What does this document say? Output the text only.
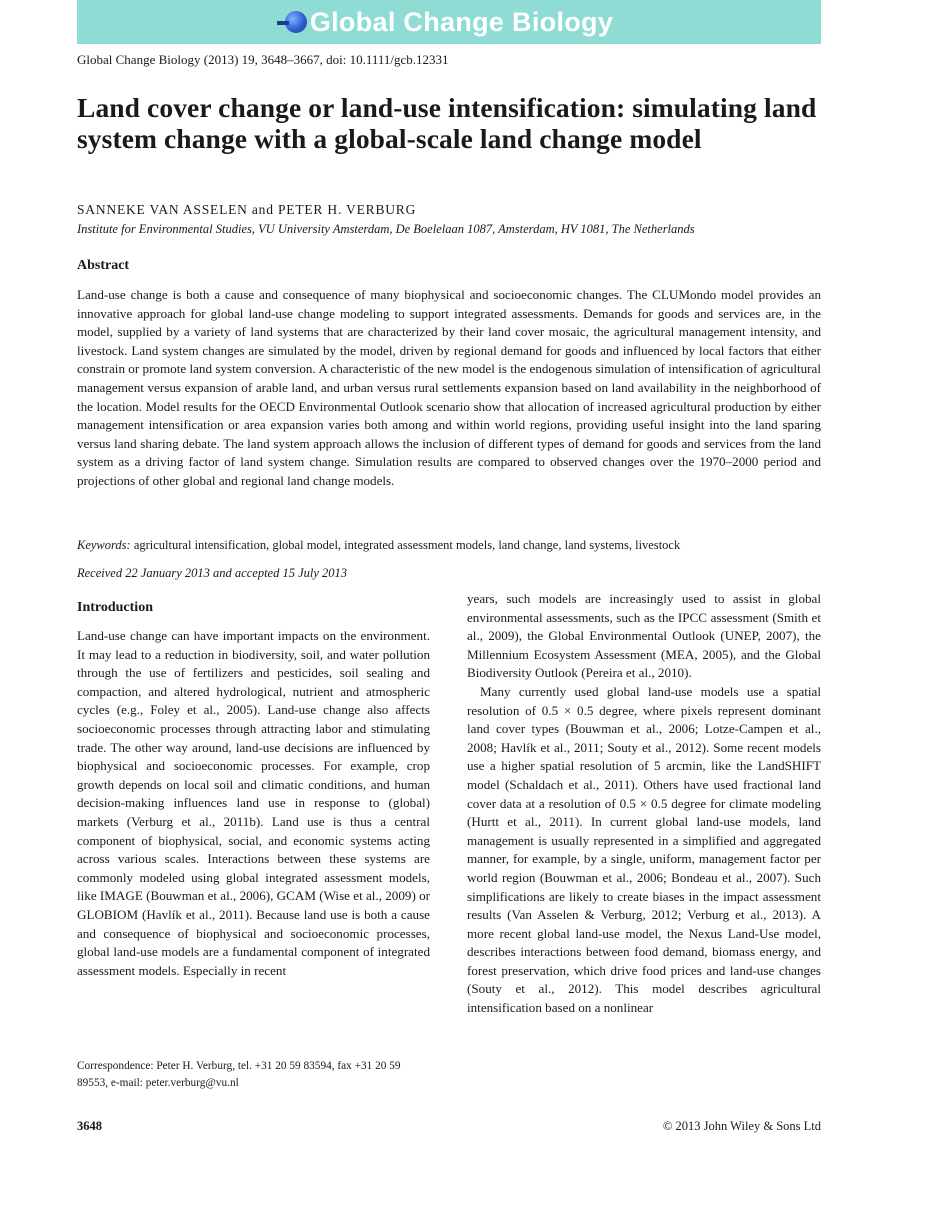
Global Change Biology
Global Change Biology (2013) 19, 3648–3667, doi: 10.1111/gcb.12331
Land cover change or land-use intensification: simulating land system change with a global-scale land change model
SANNEKE VAN ASSELEN and PETER H. VERBURG
Institute for Environmental Studies, VU University Amsterdam, De Boelelaan 1087, Amsterdam, HV 1081, The Netherlands
Abstract

Land-use change is both a cause and consequence of many biophysical and socioeconomic changes. The CLUMondo model provides an innovative approach for global land-use change modeling to support integrated assessments. Demands for goods and services are, in the model, supplied by a variety of land systems that are characterized by their land cover mosaic, the agricultural management intensity, and livestock. Land system changes are simulated by the model, driven by regional demand for goods and influenced by local factors that either constrain or promote land system conversion. A characteristic of the new model is the endogenous simulation of intensification of agricultural management versus expansion of arable land, and urban versus rural settlements expansion based on land availability in the neighborhood of the location. Model results for the OECD Environmental Outlook scenario show that allocation of increased agricultural production by either management intensification or area expansion varies both among and within world regions, providing useful insight into the land sparing versus land sharing debate. The land system approach allows the inclusion of different types of demand for goods and services from the land system as a driving factor of land system change. Simulation results are compared to observed changes over the 1970–2000 period and projections of other global and regional land change models.

Keywords: agricultural intensification, global model, integrated assessment models, land change, land systems, livestock
Received 22 January 2013 and accepted 15 July 2013
Introduction

Land-use change can have important impacts on the environment. It may lead to a reduction in biodiversity, soil, and water pollution through the use of fertilizers and pesticides, soil sealing and compaction, and altered hydrological, nutrient and atmospheric cycles (e.g., Foley et al., 2005). Land-use change also affects socioeconomic processes through attracting labor and stimulating trade. The other way around, land-use decisions are influenced by biophysical and socioeconomic processes. For example, crop growth depends on local soil and climatic conditions, and human decision-making influences land use in response to (global) markets (Verburg et al., 2011b). Land use is thus a central component of biophysical, social, and economic systems acting across various scales. Interactions between these systems are commonly modeled using global integrated assessment models, like IMAGE (Bouwman et al., 2006), GCAM (Wise et al., 2009) or GLOBIOM (Havlík et al., 2011). Because land use is both a cause and consequence of biophysical and socioeconomic processes, global land-use models are a fundamental component of integrated assessment models. Especially in recent

years, such models are increasingly used to assist in global environmental assessments, such as the IPCC assessment (Smith et al., 2009), the Global Environmental Outlook (UNEP, 2007), the Millennium Ecosystem Assessment (MEA, 2005), and the Global Biodiversity Outlook (Pereira et al., 2010).

Many currently used global land-use models use a spatial resolution of 0.5 × 0.5 degree, where pixels represent dominant land cover types (Bouwman et al., 2006; Lotze-Campen et al., 2008; Havlík et al., 2011; Souty et al., 2012). Some recent models use a higher spatial resolution of 5 arcmin, like the LandSHIFT model (Schaldach et al., 2011). Others have used fractional land cover data at a resolution of 0.5 × 0.5 degree for climate modeling (Hurtt et al., 2011). In current global land-use models, land management is usually represented in a simplified and aggregated manner, for example, by a single, uniform, management factor per world region (Bouwman et al., 2006; Bondeau et al., 2007). Such simplifications are likely to create biases in the impact assessment results (Van Asselen & Verburg, 2012; Verburg et al., 2013). A more recent global land-use model, the Nexus Land-Use model, describes interactions between food demand, biomass energy, and forest preservation, which drive food prices and land-use changes (Souty et al., 2012). This model describes agricultural intensification based on a nonlinear

Correspondence: Peter H. Verburg, tel. +31 20 59 83594, fax +31 20 59 89553, e-mail: peter.verburg@vu.nl
3648	© 2013 John Wiley & Sons Ltd
